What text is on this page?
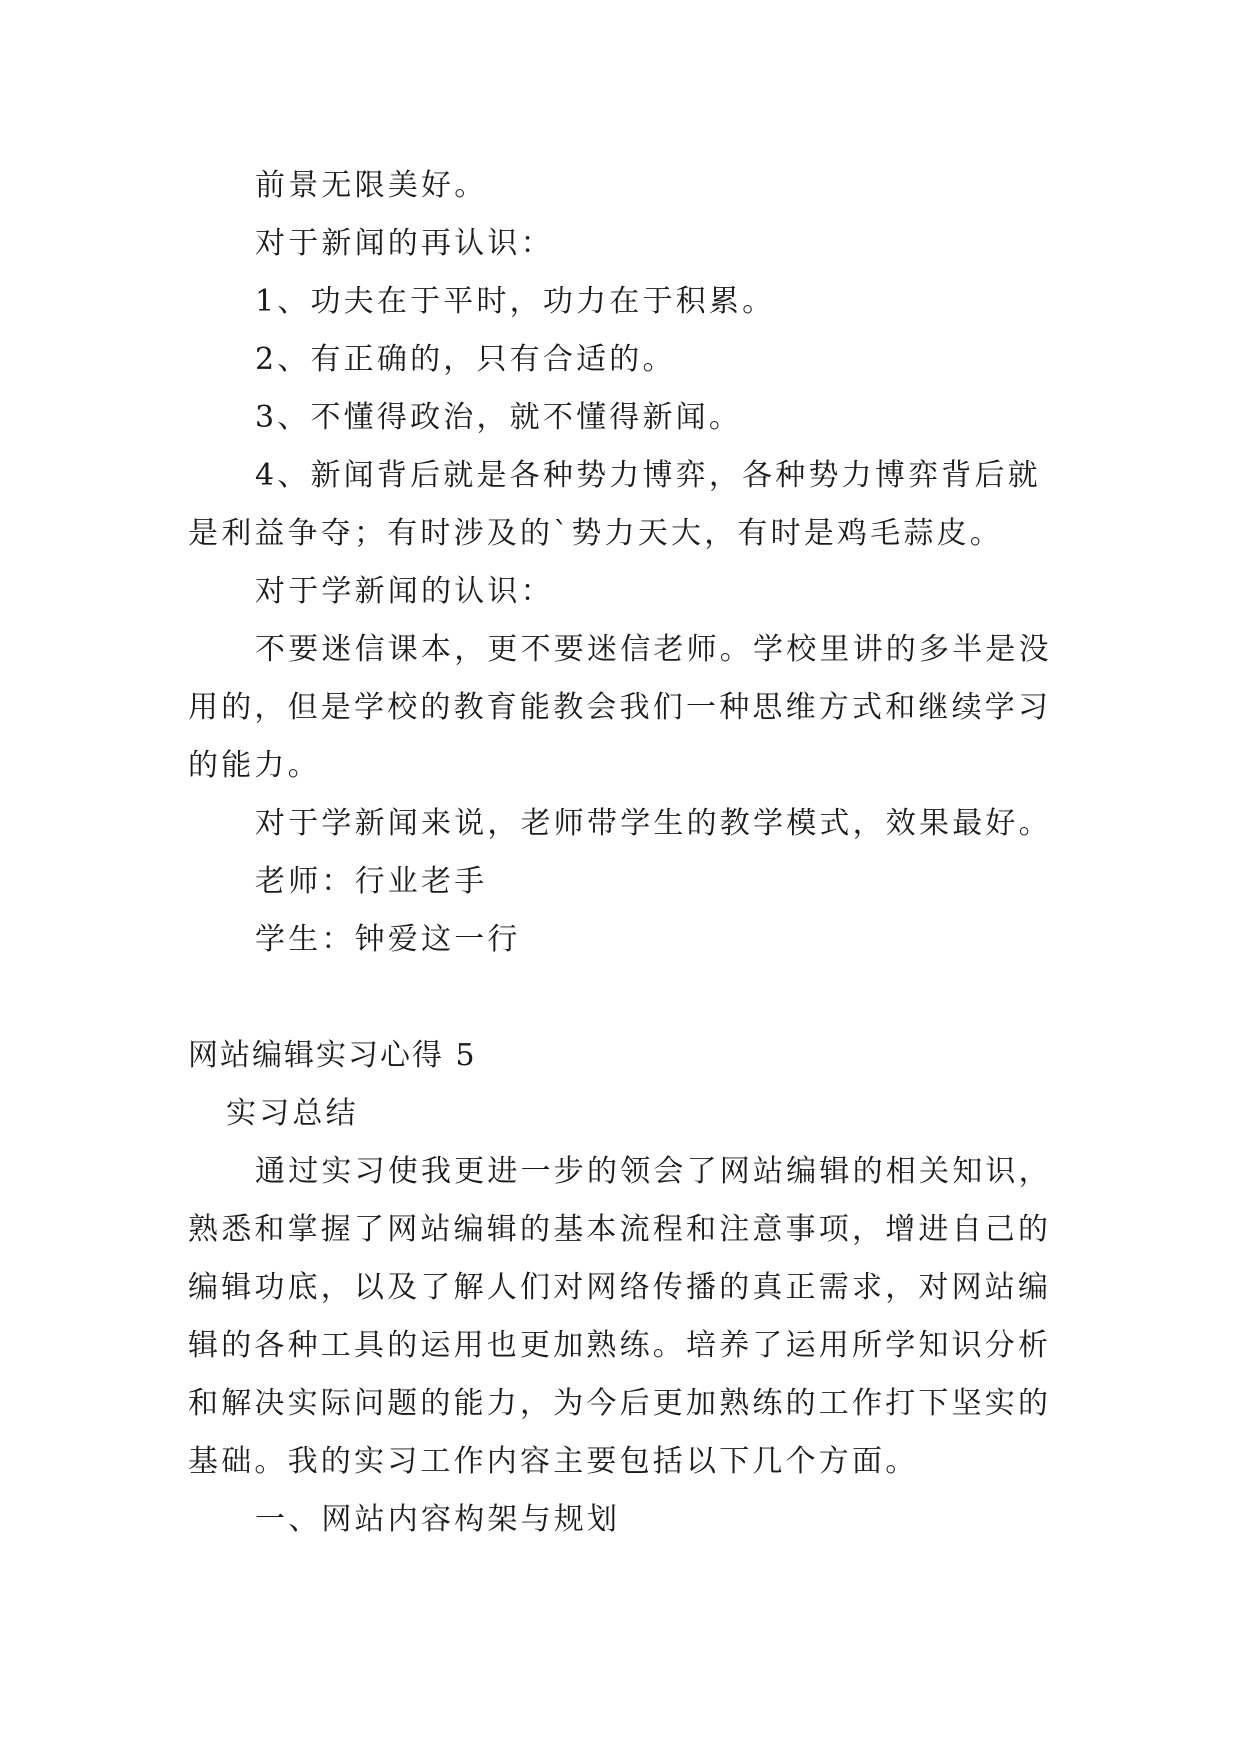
前景无限美好。
对于新闻的再认识：
1、功夫在于平时，功力在于积累。
2、有正确的，只有合适的。
3、不懂得政治，就不懂得新闻。
4、新闻背后就是各种势力博弈，各种势力博弈背后就
是利益争夺；有时涉及的`势力天大，有时是鸡毛蒜皮。
对于学新闻的认识：
不要迷信课本，更不要迷信老师。学校里讲的多半是没
用的，但是学校的教育能教会我们一种思维方式和继续学习
的能力。
对于学新闻来说，老师带学生的教学模式，效果最好。
老师：行业老手
学生：钟爱这一行
网站编辑实习心得 5
实习总结
通过实习使我更进一步的领会了网站编辑的相关知识，
熟悉和掌握了网站编辑的基本流程和注意事项，增进自己的
编辑功底，以及了解人们对网络传播的真正需求，对网站编
辑的各种工具的运用也更加熟练。培养了运用所学知识分析
和解决实际问题的能力，为今后更加熟练的工作打下坚实的
基础。我的实习工作内容主要包括以下几个方面。
一、网站内容构架与规划
